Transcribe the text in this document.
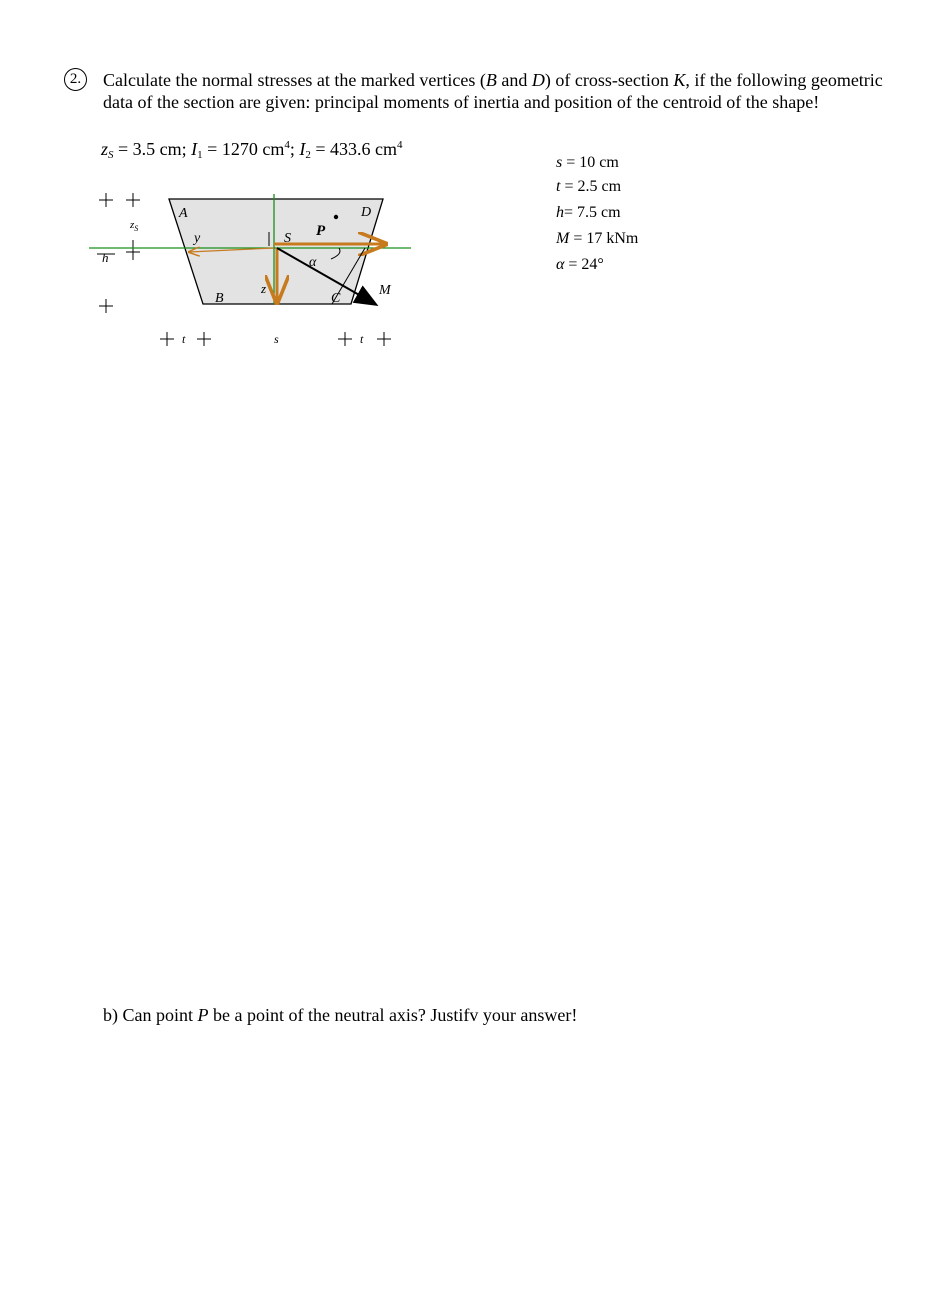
2.	Calculate the normal stresses at the marked vertices (B and D) of cross-section K, if the following geometric data of the section are given: principal moments of inertia and position of the centroid of the shape!

$z_S = 3.5$ cm; $I_1 = 1270$ $cm^4$; $I_2 = 433.6$ $cm^4$
s = 10 cm
t = 2.5 cm
h= 7.5 cm
M = 17 kNm
α = 24°
A	D
y	S P
α
z
B	C
M
$z_S$
h
t	s	t
b) Can point P be a point of the neutral axis? Justifv your answer!
